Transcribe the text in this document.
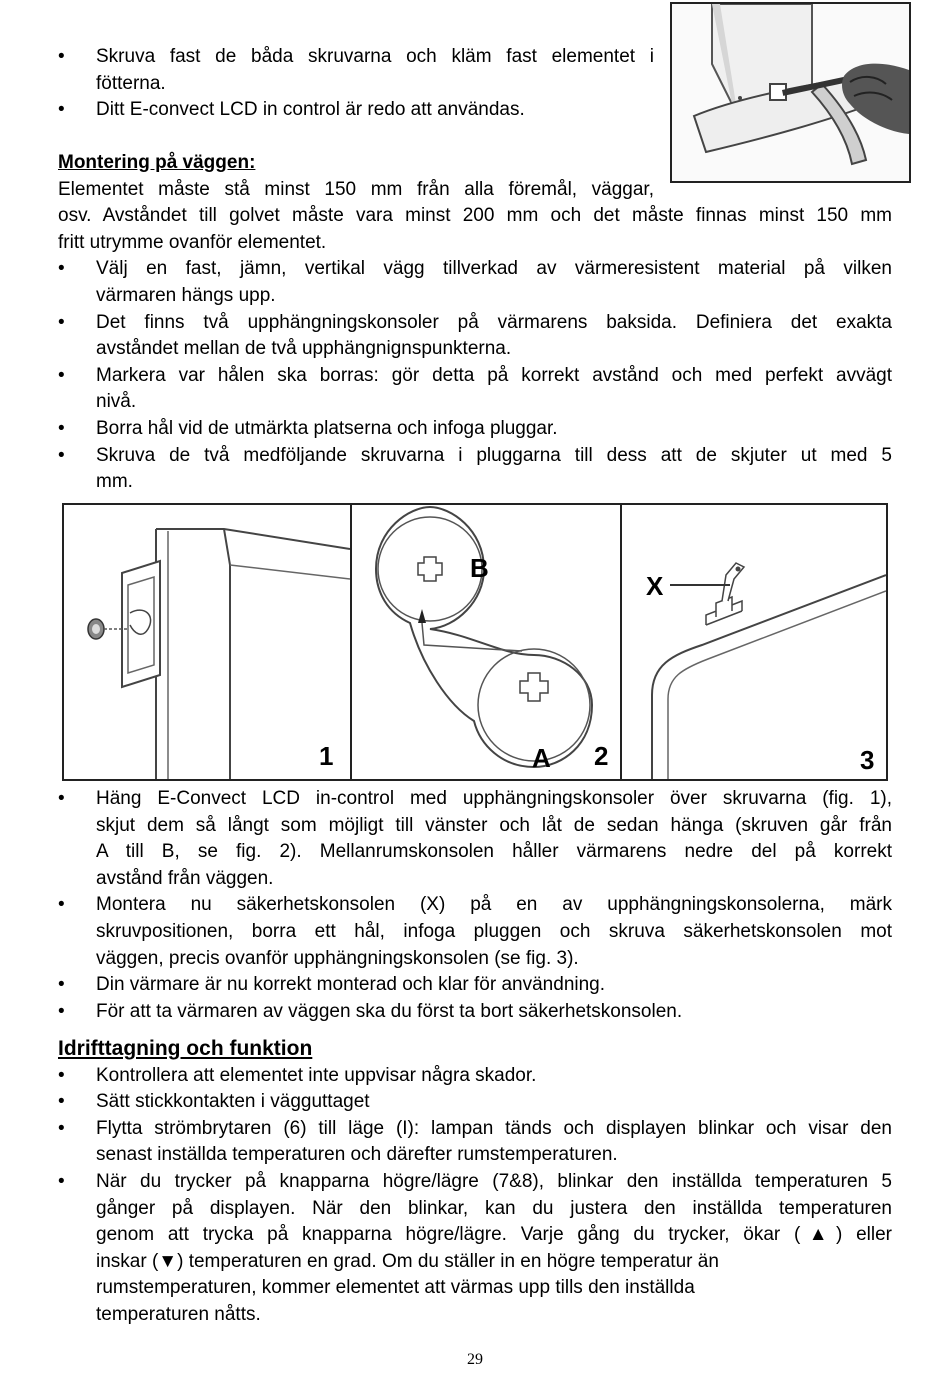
•	Skruva fast de båda skruvarna och kläm fast elementet i
fötterna.
•	Ditt E-convect LCD in control är redo att användas.
Montering på väggen:
Elementet måste stå minst 150 mm från alla föremål, väggar,
osv. Avståndet till golvet måste vara minst 200 mm och det måste finnas minst 150 mm
fritt utrymme ovanför elementet.
•	Välj en fast, jämn, vertikal vägg tillverkad av värmeresistent material på vilken
värmaren hängs upp.
•	Det finns två upphängningskonsoler på värmarens baksida. Definiera det exakta
avståndet mellan de två upphängnignspunkterna.
•	Markera var hålen ska borras: gör detta på korrekt avstånd och med perfekt avvägt
nivå.
•	Borra hål vid de utmärkta platserna och infoga pluggar.
•	Skruva de två medföljande skruvarna i pluggarna till dess att de skjuter ut med 5
mm.
1
B
A 2
X
3
•	Häng E-Convect LCD in-control med upphängningskonsoler över skruvarna (fig. 1),
skjut dem så långt som möjligt till vänster och låt de sedan hänga (skruven går från
A till B, se fig. 2). Mellanrumskonsolen håller värmarens nedre del på korrekt
avstånd från väggen.
•	Montera nu säkerhetskonsolen (X) på en av upphängningskonsolerna, märk
skruvpositionen, borra ett hål, infoga pluggen och skruva säkerhetskonsolen mot
väggen, precis ovanför upphängningskonsolen (se fig. 3).
•	Din värmare är nu korrekt monterad och klar för användning.
•	För att ta värmaren av väggen ska du först ta bort säkerhetskonsolen.
Idrifttagning och funktion
•	Kontrollera att elementet inte uppvisar några skador.
•	Sätt stickkontakten i vägguttaget
•	Flytta strömbrytaren (6) till läge (I): lampan tänds och displayen blinkar och visar den
senast inställda temperaturen och därefter rumstemperaturen.
•	När du trycker på knapparna högre/lägre (7&8), blinkar den inställda temperaturen 5
gånger på displayen. När den blinkar, kan du justera den inställda temperaturen
genom att trycka på knapparna högre/lägre. Varje gång du trycker, ökar (▲) eller
inskar (▼) temperaturen en grad. Om du ställer in en högre temperatur än
rumstemperaturen, kommer elementet att värmas upp tills den inställda
temperaturen nåtts.
29
